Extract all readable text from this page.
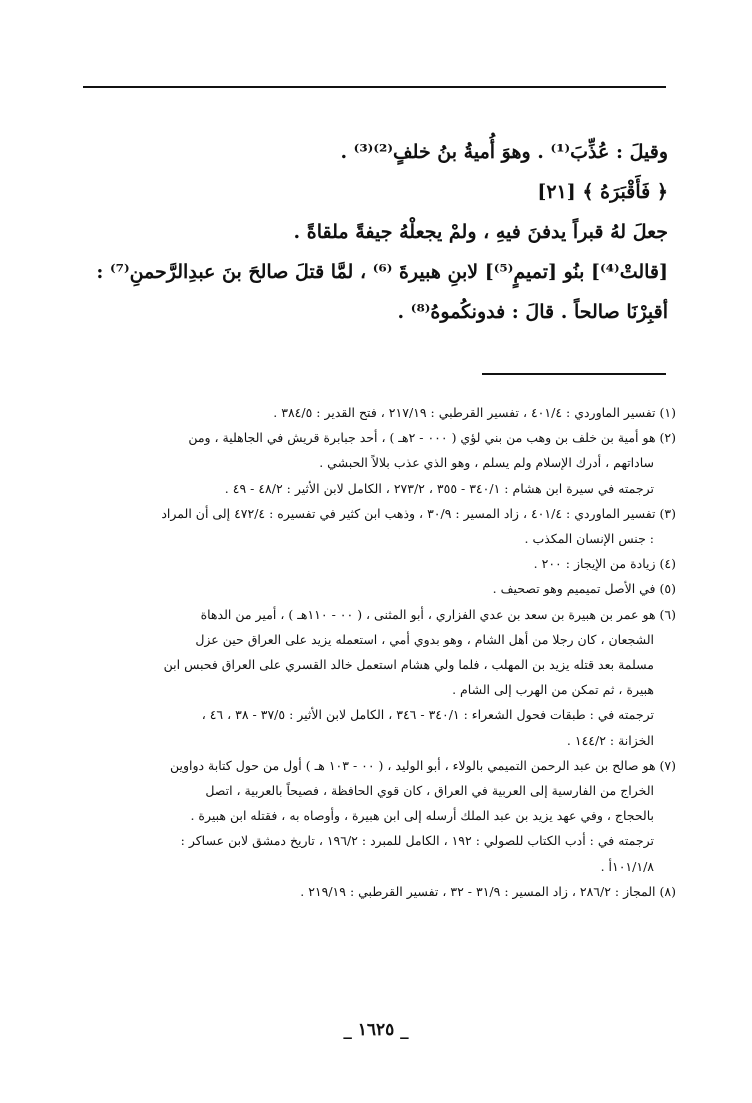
وقيلَ : عُذِّبَ⁽¹⁾ . وهوَ أُميةُ بنُ خلفٍ⁽²⁾⁽³⁾ .

﴿ فَأَقْبَرَهُ ﴾ [٢١]

جعلَ لهُ قبراً يدفنَ فيهِ ، ولمْ يجعلْهُ جيفةً ملقاةً .

[قالتْ⁽⁴⁾] بنُو [تميمٍ⁽⁵⁾] لابنِ هبيرةَ ⁽⁶⁾ ، لمَّا قتلَ صالحَ بنَ عبدِالرَّحمنِ⁽⁷⁾ :

أقبِرْنَا صالحاً . قالَ : فدونكُموهُ⁽⁸⁾ .

(١) تفسير الماوردي : ٤٠١/٤ ، تفسير القرطبي : ٢١٧/١٩ ، فتح القدير : ٣٨٤/٥ .
(٢) هو أمية بن خلف بن وهب من بني لؤي ( ٠٠٠ - ٢هـ ) ، أحد جبابرة قريش في الجاهلية ، ومن
ساداتهم ، أدرك الإسلام ولم يسلم ، وهو الذي عذب بلالاً الحبشي .
ترجمته في سيرة ابن هشام : ٣٤٠/١ - ٣٥٥ ، ٢٧٣/٢ ، الكامل لابن الأثير : ٤٨/٢ - ٤٩ .
(٣) تفسير الماوردي : ٤٠١/٤ ، زاد المسير : ٣٠/٩ ، وذهب ابن كثير في تفسيره : ٤٧٢/٤ إلى أن المراد
: جنس الإنسان المكذب .
(٤) زيادة من الإيجاز : ٢٠٠ .
(٥) في الأصل تميميم وهو تصحيف .
(٦) هو عمر بن هبيرة بن سعد بن عدي الفزاري ، أبو المثنى ، ( ٠٠ - ١١٠هـ ) ، أمير من الدهاة
الشجعان ، كان رجلا من أهل الشام ، وهو بدوي أمي ، استعمله يزيد على العراق حين عزل
مسلمة بعد قتله يزيد بن المهلب ، فلما ولي هشام استعمل خالد القسري على العراق فحبس ابن
هبيرة ، ثم تمكن من الهرب إلى الشام .
ترجمته في : طبقات فحول الشعراء : ٣٤٠/١ - ٣٤٦ ، الكامل لابن الأثير : ٣٧/٥ - ٣٨ ، ٤٦ ،
الخزانة : ١٤٤/٢ .
(٧) هو صالح بن عبد الرحمن التميمي بالولاء ، أبو الوليد ، ( ٠٠ - ١٠٣ هـ ) أول من حول كتابة دواوين
الخراج من الفارسية إلى العربية في العراق ، كان قوي الحافظة ، فصيحاً بالعربية ، اتصل
بالحجاج ، وفي عهد يزيد بن عبد الملك أرسله إلى ابن هبيرة ، وأوصاه به ، فقتله ابن هبيرة .
ترجمته في : أدب الكتاب للصولي : ١٩٢ ، الكامل للمبرد : ١٩٦/٢ ، تاريخ دمشق لابن عساكر :
١٠١/١/٨أ .
(٨) المجاز : ٢٨٦/٢ ، زاد المسير : ٣١/٩ - ٣٢ ، تفسير القرطبي : ٢١٩/١٩ .
_ ١٦٢٥ _
